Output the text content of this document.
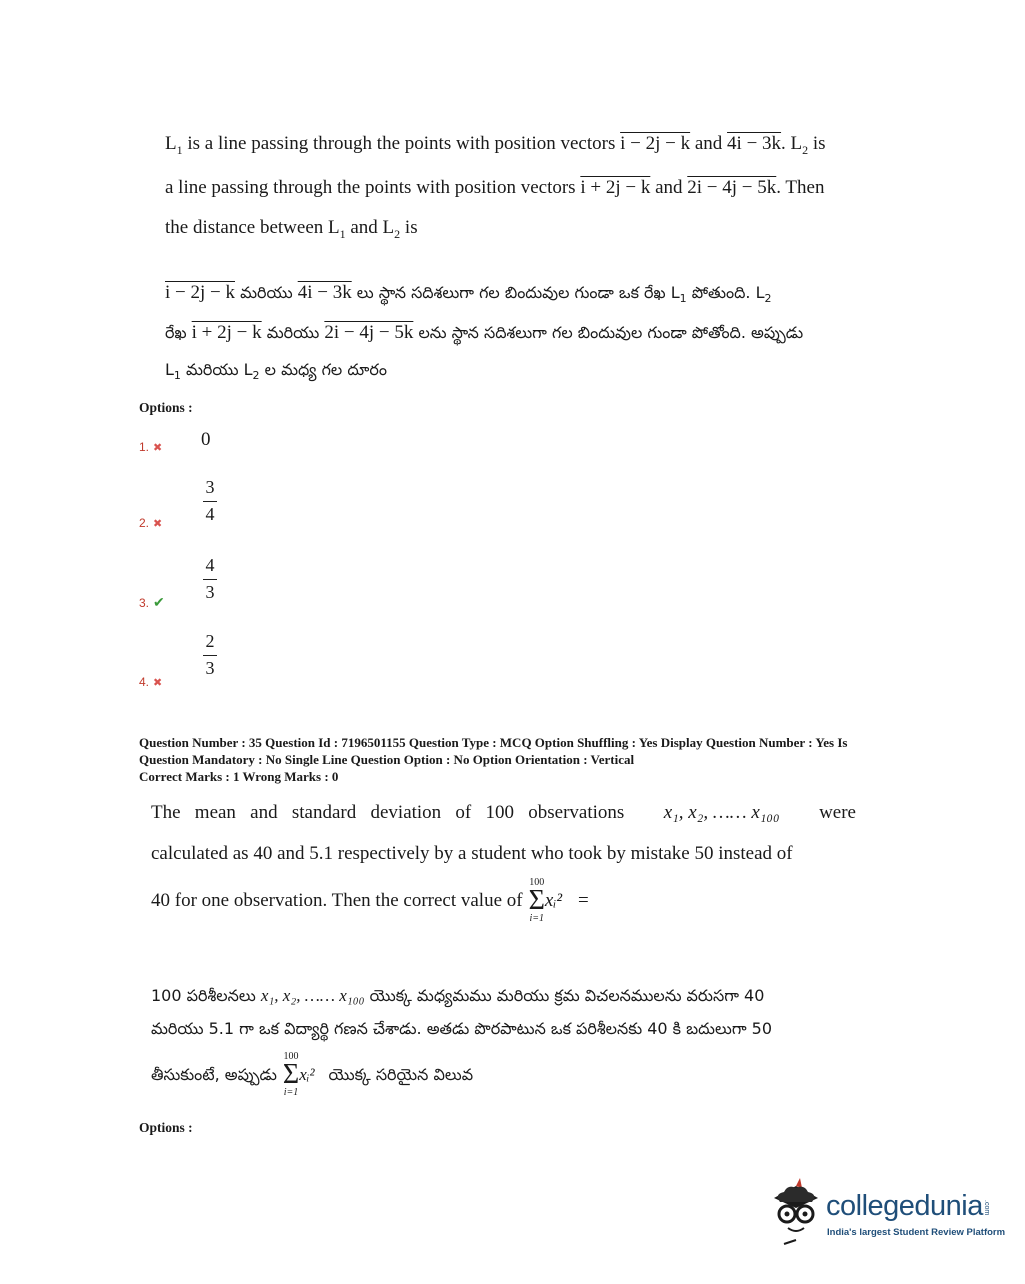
$L_1$ is a line passing through the points with position vectors i − 2j − k and 4i − 3k. $L_2$ is
a line passing through the points with position vectors i + 2j − k and 2i − 4j − 5k. Then
the distance between $L_1$ and $L_2$ is
i − 2j − k మరియు 4i − 3k లు స్థాన సదిశలుగా గల బిందువుల గుండా ఒక రేఖ $L_1$ పోతుంది. $L_2$
రేఖ i + 2j − k మరియు 2i − 4j − 5k లను స్థాన సదిశలుగా గల బిందువుల గుండా పోతోంది. అప్పుడు
$L_1$ మరియు $L_2$ ల మధ్య గల దూరం
Options :
1. ✖ 0
2. ✖
3
4
3. ✔
4
3
4. ✖
2
3
Question Number : 35 Question Id : 7196501155 Question Type : MCQ Option Shuffling : Yes Display Question Number : Yes Is
Question Mandatory : No Single Line Question Option : No Option Orientation : Vertical
Correct Marks : 1 Wrong Marks : 0
The   mean   and   standard   deviation   of   100   observations x₁, x₂, …… x₁₀₀ were
calculated as 40 and 5.1 respectively by a student who took by mistake 50 instead of
40 for one observation. Then the correct value of
100
Σ
i=1
xᵢ² =
100 పరిశీలనలు x₁, x₂, …… x₁₀₀ యొక్క మధ్యమము మరియు క్రమ విచలనములను వరుసగా 40
మరియు 5.1 గా ఒక విద్యార్థి గణన చేశాడు. అతడు పొరపాటున ఒక పరిశీలనకు 40 కి బదులుగా 50
తీసుకుంటే, అప్పుడు
100
Σ
i=1
xᵢ² యొక్క సరియైన విలువ
Options :
collegedunia.com
India's largest Student Review Platform
